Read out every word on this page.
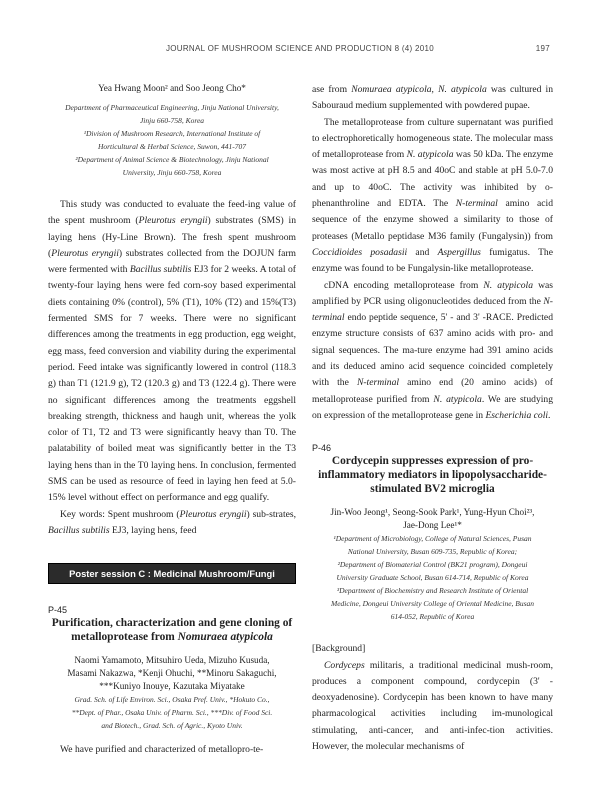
JOURNAL OF MUSHROOM SCIENCE AND PRODUCTION 8 (4) 2010	197

Yea Hwang Moon² and Soo Jeong Cho*

Department of Pharmaceutical Engineering, Jinju National University,

Jinju 660-758, Korea

¹Division of Mushroom Research, International Institute of

Horticultural & Herbal Science, Suwon, 441-707

²Department of Animal Science & Biotechnology, Jinju National

University, Jinju 660-758, Korea

This study was conducted to evaluate the feed-ing value of the spent mushroom (Pleurotus eryngii) substrates (SMS) in laying hens (Hy-Line Brown). The fresh spent mushroom (Pleurotus eryngii) substrates collected from the DOJUN farm were fermented with Bacillus subtilis EJ3 for 2 weeks. A total of twenty-four laying hens were fed corn-soy based experimental diets containing 0% (control), 5% (T1), 10% (T2) and 15%(T3) fermented SMS for 7 weeks. There were no significant differences among the treatments in egg production, egg weight, egg mass, feed conversion and viability during the experimental period. Feed intake was significantly lowered in control (118.3 g) than T1 (121.9 g), T2 (120.3 g) and T3 (122.4 g). There were no significant differences among the treatments eggshell breaking strength, thickness and haugh unit, whereas the yolk color of T1, T2 and T3 were significantly heavy than T0. The palatability of boiled meat was significantly better in the T3 laying hens than in the T0 laying hens. In conclusion, fermented SMS can be used as resource of feed in laying hen feed at 5.0-15% level without effect on performance and egg qualify.

Key words: Spent mushroom (Pleurotus eryngii) sub-strates, Bacillus subtilis EJ3, laying hens, feed

Poster session C : Medicinal Mushroom/Fungi

P-45

Purification, characterization and gene cloning of metalloprotease from Nomuraea atypicola

Naomi Yamamoto, Mitsuhiro Ueda, Mizuho Kusuda,

Masami Nakazwa, *Kenji Ohuchi, **Minoru Sakaguchi,

***Kuniyo Inouye, Kazutaka Miyatake

Grad. Sch. of Life Environ. Sci., Osaka Pref. Univ., *Hokuto Co.,

**Dept. of Phar., Osaka Univ. of Pharm. Sci., ***Div. of Food Sci.

and Biotech., Grad. Sch. of Agric., Kyoto Univ.

We have purified and characterized of metallopro-te-

ase from Nomuraea atypicola, N. atypicola was cultured in Sabouraud medium supplemented with powdered pupae.

The metalloprotease from culture supernatant was purified to electrophoretically homogeneous state. The molecular mass of metalloprotease from N. atypicola was 50 kDa. The enzyme was most active at pH 8.5 and 40oC and stable at pH 5.0-7.0 and up to 40oC. The activity was inhibited by o-phenanthroline and EDTA. The N-terminal amino acid sequence of the enzyme showed a similarity to those of proteases (Metallo peptidase M36 family (Fungalysin)) from Coccidioides posadasii and Aspergillus fumigatus. The enzyme was found to be Fungalysin-like metalloprotease.

cDNA encoding metalloprotease from N. atypicola was amplified by PCR using oligonucleotides deduced from the N-terminal endo peptide sequence, 5' - and 3' -RACE. Predicted enzyme structure consists of 637 amino acids with pro- and signal sequences. The ma-ture enzyme had 391 amino acids and its deduced amino acid sequence coincided completely with the N-terminal amino end (20 amino acids) of metalloprotease purified from N. atypicola. We are studying on expression of the metalloprotease gene in Escherichia coli.

P-46

Cordycepin suppresses expression of pro-inflammatory mediators in lipopolysaccharide-stimulated BV2 microglia

Jin-Woo Jeong¹, Seong-Sook Park¹, Yung-Hyun Choi²³,

Jae-Dong Lee¹*

¹Department of Microbiology, College of Natural Sciences, Pusan

National University, Busan 609-735, Republic of Korea;

²Department of Biomaterial Control (BK21 program), Dongeui

University Graduate School, Busan 614-714, Republic of Korea

³Department of Biochemistry and Research Institute of Oriental

Medicine, Dongeui University College of Oriental Medicine, Busan

614-052, Republic of Korea

[Background]

Cordyceps militaris, a traditional medicinal mush-room, produces a component compound, cordycepin (3' -deoxyadenosine). Cordycepin has been known to have many pharmacological activities including im-munological stimulating, anti-cancer, and anti-infec-tion activities. However, the molecular mechanisms of
